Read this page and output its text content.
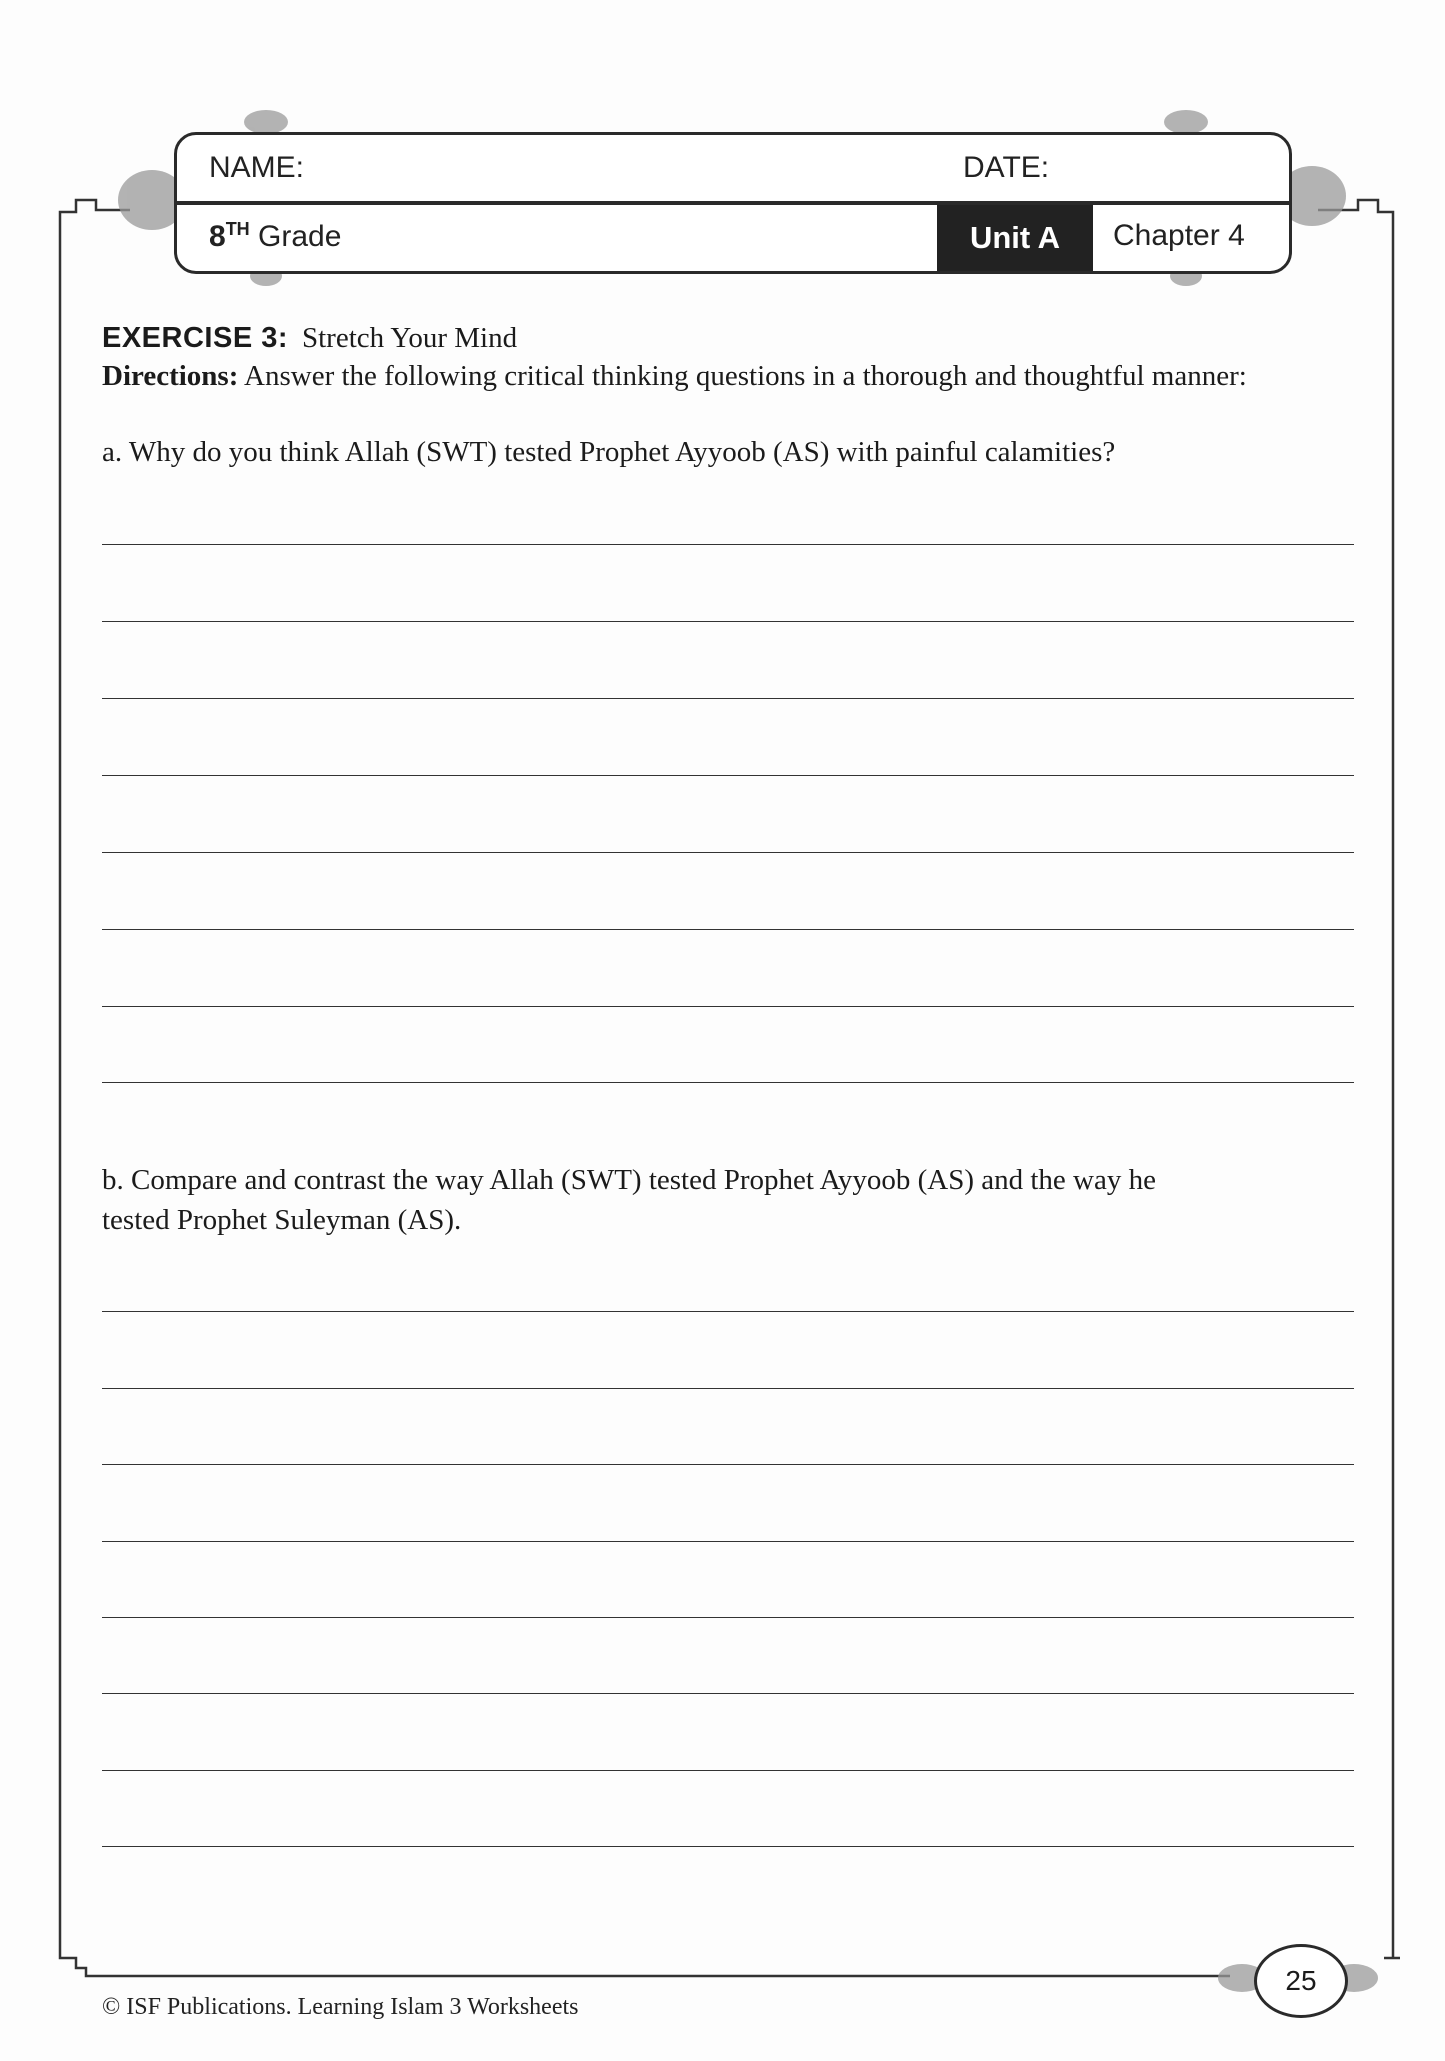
NAME:	DATE:
8TH Grade	Unit A	Chapter 4
EXERCISE 3: Stretch Your Mind
Directions: Answer the following critical thinking questions in a thorough and thoughtful manner:
a. Why do you think Allah (SWT) tested Prophet Ayyoob (AS) with painful calamities?
b. Compare and contrast the way Allah (SWT) tested Prophet Ayyoob (AS) and the way he
tested Prophet Suleyman (AS).
25
© ISF Publications. Learning Islam 3 Worksheets
